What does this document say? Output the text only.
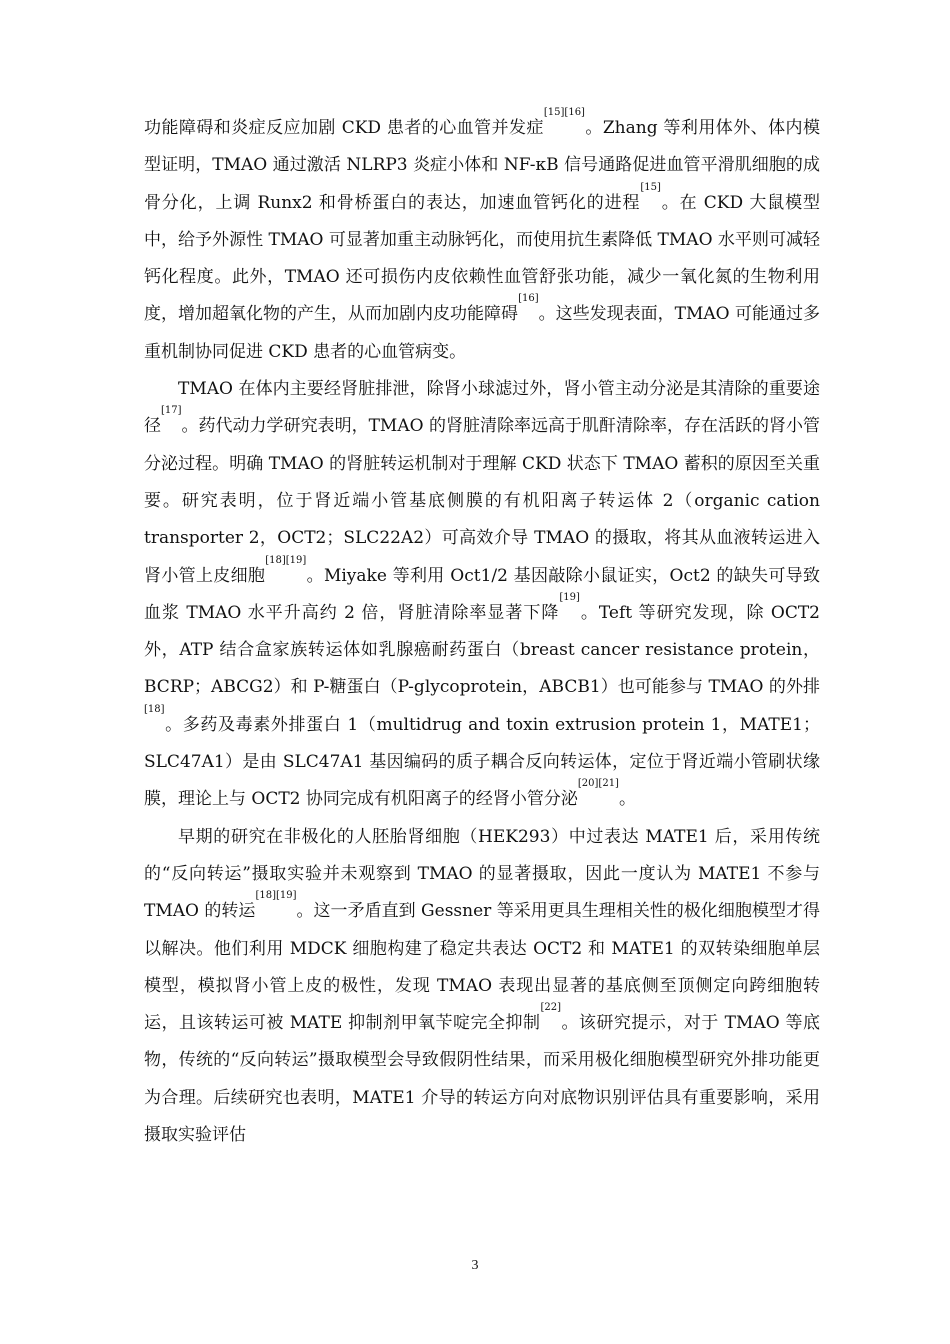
功能障碍和炎症反应加剧 CKD 患者的心血管并发症[15][16]。Zhang 等利用体外、体内模型证明，TMAO 通过激活 NLRP3 炎症小体和 NF-κB 信号通路促进血管平滑肌细胞的成骨分化，上调 Runx2 和骨桥蛋白的表达，加速血管钙化的进程[15]。在 CKD 大鼠模型中，给予外源性 TMAO 可显著加重主动脉钙化，而使用抗生素降低 TMAO 水平则可减轻钙化程度。此外，TMAO 还可损伤内皮依赖性血管舒张功能，减少一氧化氮的生物利用度，增加超氧化物的产生，从而加剧内皮功能障碍[16]。这些发现表面，TMAO 可能通过多重机制协同促进 CKD 患者的心血管病变。

TMAO 在体内主要经肾脏排泄，除肾小球滤过外，肾小管主动分泌是其清除的重要途径[17]。药代动力学研究表明，TMAO 的肾脏清除率远高于肌酐清除率，存在活跃的肾小管分泌过程。明确 TMAO 的肾脏转运机制对于理解 CKD 状态下 TMAO 蓄积的原因至关重要。研究表明，位于肾近端小管基底侧膜的有机阳离子转运体 2（organic cation transporter 2，OCT2；SLC22A2）可高效介导 TMAO 的摄取，将其从血液转运进入肾小管上皮细胞[18][19]。Miyake 等利用 Oct1/2 基因敲除小鼠证实，Oct2 的缺失可导致血浆 TMAO 水平升高约 2 倍，肾脏清除率显著下降[19]。Teft 等研究发现，除 OCT2 外，ATP 结合盒家族转运体如乳腺癌耐药蛋白（breast cancer resistance protein，BCRP；ABCG2）和 P-糖蛋白（P-glycoprotein，ABCB1）也可能参与 TMAO 的外排[18]。多药及毒素外排蛋白 1（multidrug and toxin extrusion protein 1，MATE1；SLC47A1）是由 SLC47A1 基因编码的质子耦合反向转运体，定位于肾近端小管刷状缘膜，理论上与 OCT2 协同完成有机阳离子的经肾小管分泌[20][21]。

早期的研究在非极化的人胚胎肾细胞（HEK293）中过表达 MATE1 后，采用传统的“反向转运”摄取实验并未观察到 TMAO 的显著摄取，因此一度认为 MATE1 不参与 TMAO 的转运[18][19]。这一矛盾直到 Gessner 等采用更具生理相关性的极化细胞模型才得以解决。他们利用 MDCK 细胞构建了稳定共表达 OCT2 和 MATE1 的双转染细胞单层模型，模拟肾小管上皮的极性，发现 TMAO 表现出显著的基底侧至顶侧定向跨细胞转运，且该转运可被 MATE 抑制剂甲氧苄啶完全抑制[22]。该研究提示，对于 TMAO 等底物，传统的“反向转运”摄取模型会导致假阴性结果，而采用极化细胞模型研究外排功能更为合理。后续研究也表明，MATE1 介导的转运方向对底物识别评估具有重要影响，采用摄取实验评估

3
